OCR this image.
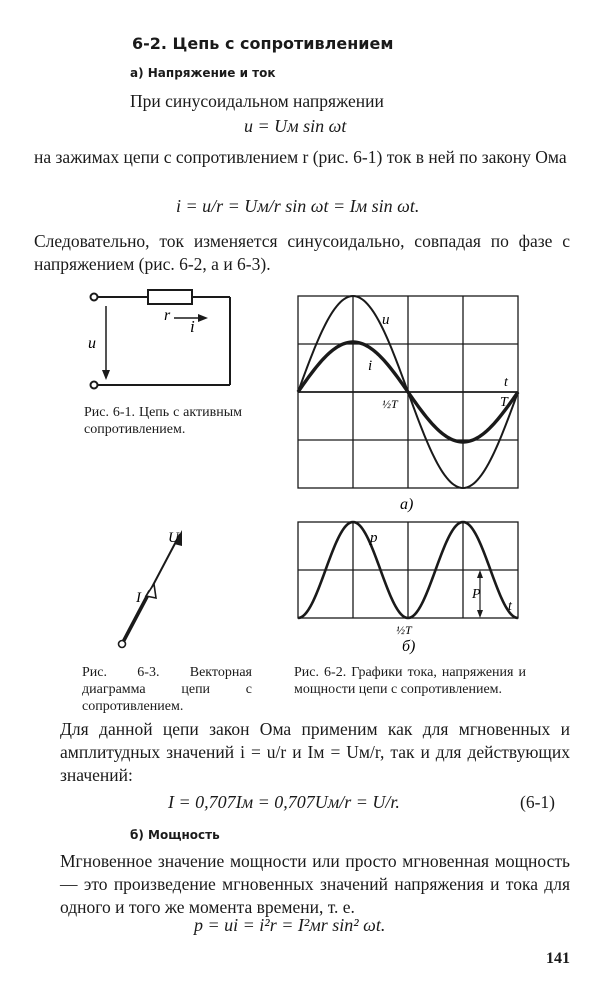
6-2. Цепь с сопротивлением
а) Напряжение и ток
При синусоидальном напряжении
u = Uм sin ωt
на зажимах цепи с сопротивлением r (рис. 6-1) ток в ней по закону Ома
i = u/r = Uм/r sin ωt = Iм sin ωt.
Следовательно, ток изменяется синусоидально, совпадая по фазе с напряжением (рис. 6-2, а и 6-3).
r
i
u
Рис. 6-1. Цепь с активным сопротивлением.
u
i
½T
t
T
а)
U
I
p
P
t
½T
б)
Рис. 6-3. Векторная диаграмма цепи с сопротивлением.
Рис. 6-2. Графики тока, напряжения и мощности цепи с сопротивлением.
Для данной цепи закон Ома применим как для мгновенных и амплитудных значений i = u/r и Iм = Uм/r, так и для действующих значений:
I = 0,707Iм = 0,707Uм/r = U/r.	(6-1)
б) Мощность
Мгновенное значение мощности или просто мгновенная мощность — это произведение мгновенных значений напряжения и тока для одного и того же момента времени, т. е.
p = ui = i²r = I²мr sin² ωt.
141
